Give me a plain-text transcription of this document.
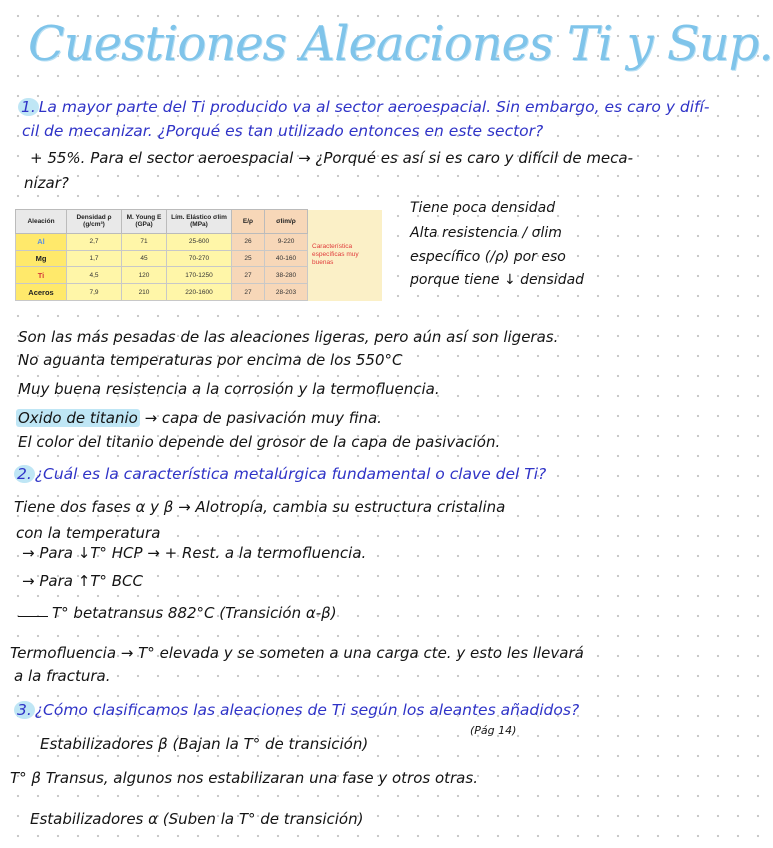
Cuestiones Aleaciones Ti y Sup.
1. La mayor parte del Ti producido va al sector aeroespacial. Sin embargo, es caro y difí-
cil de mecanizar. ¿Porqué es tan utilizado entonces en este sector?
+ 55%. Para el sector aeroespacial → ¿Porqué es así si es caro y difícil de meca-
nizar?
Aleación	Densidad ρ (g/cm³)	M. Young E (GPa)	Lím. Elástico σlim (MPa)	E/ρ	σlim/ρ	Característica específicas muy buenas
Al	2,7	71	25-600	26	9-220	
Mg	1,7	45	70-270	25	40-160	
Ti	4,5	120	170-1250	27	38-280	
Aceros	7,9	210	220-1600	27	28-203	
Tiene poca densidad
Alta resistencia / σlim
específico (/ρ) por eso
porque tiene ↓ densidad
Son las más pesadas de las aleaciones ligeras, pero aún así son ligeras.
No aguanta temperaturas por encima de los 550°C
Muy buena resistencia a la corrosión y la termofluencia.
Oxido de titanio → capa de pasivación muy fina.
El color del titanio depende del grosor de la capa de pasivación.
2. ¿Cuál es la característica metalúrgica fundamental o clave del Ti?
Tiene dos fases α y β → Alotropía, cambia su estructura cristalina
con la temperatura
→ Para ↓T° HCP → + Rest. a la termofluencia.
→ Para ↑T° BCC
T° betatransus 882°C (Transición α-β)
Termofluencia → T° elevada y se someten a una carga cte. y esto les llevará
a la fractura.
3. ¿Cómo clasificamos las aleaciones de Ti según los aleantes añadidos?
(Pág 14)
Estabilizadores β (Bajan la T° de transición)
T° β Transus, algunos nos estabilizaran una fase y otros otras.
Estabilizadores α (Suben la T° de transición)
